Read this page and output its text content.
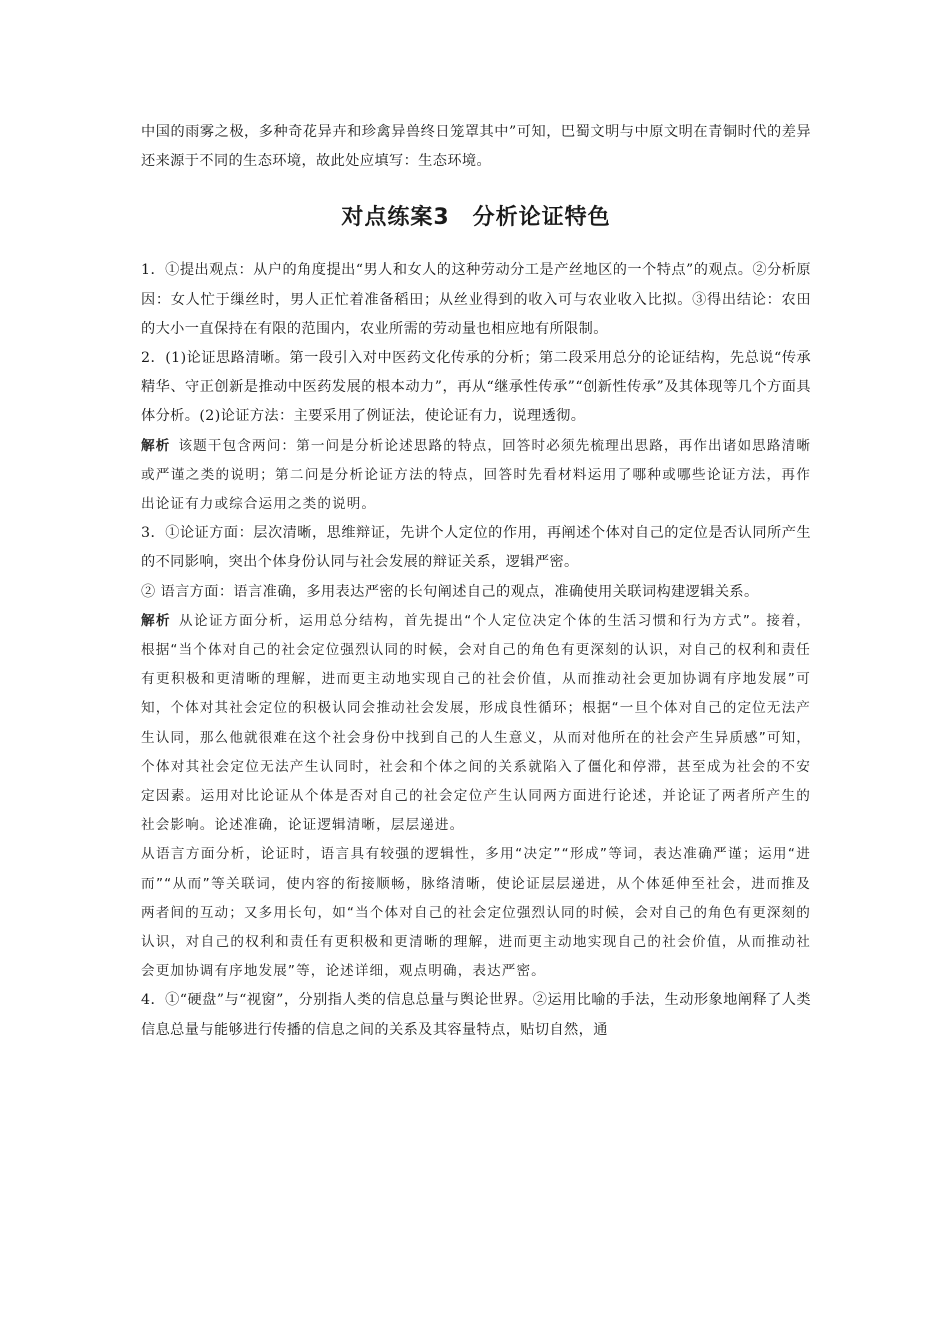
中国的雨雾之极，多种奇花异卉和珍禽异兽终日笼罩其中”可知，巴蜀文明与中原文明在青铜时代的差异还来源于不同的生态环境，故此处应填写：生态环境。

对点练案3　分析论证特色

1．①提出观点：从户的角度提出“男人和女人的这种劳动分工是产丝地区的一个特点”的观点。②分析原因：女人忙于缫丝时，男人正忙着准备稻田；从丝业得到的收入可与农业收入比拟。③得出结论：农田的大小一直保持在有限的范围内，农业所需的劳动量也相应地有所限制。

2．(1)论证思路清晰。第一段引入对中医药文化传承的分析；第二段采用总分的论证结构，先总说“传承精华、守正创新是推动中医药发展的根本动力”，再从“继承性传承”“创新性传承”及其体现等几个方面具体分析。(2)论证方法：主要采用了例证法，使论证有力，说理透彻。

解析 该题干包含两问：第一问是分析论述思路的特点，回答时必须先梳理出思路，再作出诸如思路清晰或严谨之类的说明；第二问是分析论证方法的特点，回答时先看材料运用了哪种或哪些论证方法，再作出论证有力或综合运用之类的说明。

3．①论证方面：层次清晰，思维辩证，先讲个人定位的作用，再阐述个体对自己的定位是否认同所产生的不同影响，突出个体身份认同与社会发展的辩证关系，逻辑严密。

② 语言方面：语言准确，多用表达严密的长句阐述自己的观点，准确使用关联词构建逻辑关系。

解析 从论证方面分析，运用总分结构，首先提出“个人定位决定个体的生活习惯和行为方式”。接着，根据“当个体对自己的社会定位强烈认同的时候，会对自己的角色有更深刻的认识，对自己的权利和责任有更积极和更清晰的理解，进而更主动地实现自己的社会价值，从而推动社会更加协调有序地发展”可知，个体对其社会定位的积极认同会推动社会发展，形成良性循环；根据“一旦个体对自己的定位无法产生认同，那么他就很难在这个社会身份中找到自己的人生意义，从而对他所在的社会产生异质感”可知，个体对其社会定位无法产生认同时，社会和个体之间的关系就陷入了僵化和停滞，甚至成为社会的不安定因素。运用对比论证从个体是否对自己的社会定位产生认同两方面进行论述，并论证了两者所产生的社会影响。论述准确，论证逻辑清晰，层层递进。

从语言方面分析，论证时，语言具有较强的逻辑性，多用“决定”“形成”等词，表达准确严谨；运用“进而”“从而”等关联词，使内容的衔接顺畅，脉络清晰，使论证层层递进，从个体延伸至社会，进而推及两者间的互动；又多用长句，如“当个体对自己的社会定位强烈认同的时候，会对自己的角色有更深刻的认识，对自己的权利和责任有更积极和更清晰的理解，进而更主动地实现自己的社会价值，从而推动社会更加协调有序地发展”等，论述详细，观点明确，表达严密。

4．①“硬盘”与“视窗”，分别指人类的信息总量与舆论世界。②运用比喻的手法，生动形象地阐释了人类信息总量与能够进行传播的信息之间的关系及其容量特点，贴切自然，通
